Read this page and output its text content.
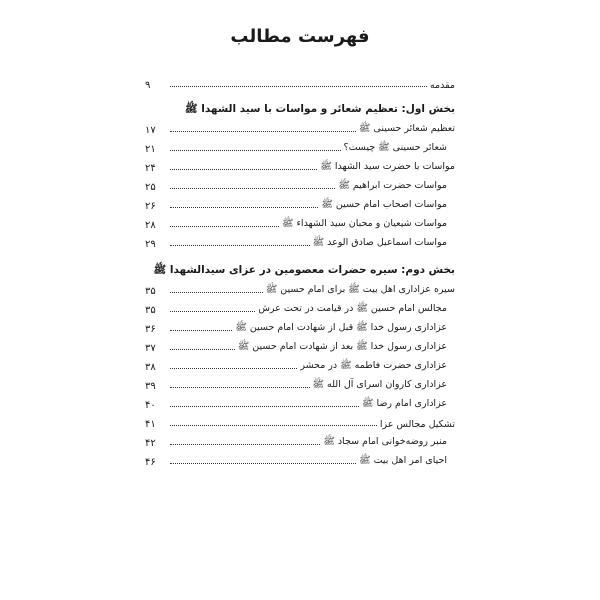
فهرست مطالب
مقدمه
۹
بخش اول: تعظیم شعائر و مواسات با سید الشهدا ﷺ
تعظیم شعائر حسینی ﷺ
۱۷
شعائر حسینی ﷺ چیست؟
۲۱
مواسات با حضرت سید الشهدا ﷺ
۲۴
مواسات حضرت ابراهیم ﷺ
۲۵
مواسات اصحاب امام حسین ﷺ
۲۶
مواسات شیعیان و محبان سید الشهداء ﷺ
۲۸
مواسات اسماعیل صادق الوعد ﷺ
۲۹
بخش دوم: سیره حضرات معصومین در عزای سیدالشهدا ﷺ
سیره عزاداری اهل بیت ﷺ برای امام حسین ﷺ
۳۵
مجالس امام حسین ﷺ در قیامت در تحت عرش
۳۵
عزاداری رسول خدا ﷺ قبل از شهادت امام حسین ﷺ
۳۶
عزاداری رسول خدا ﷺ بعد از شهادت امام حسین ﷺ
۳۷
عزاداری حضرت فاطمه ﷺ در محشر
۳۸
عزاداری کاروان اسرای آل الله ﷺ
۳۹
عزاداری امام رضا ﷺ
۴۰
تشکیل مجالس عزا
۴۱
منبر روضه‌خوانی امام سجاد ﷺ
۴۲
احیای امر اهل بیت ﷺ
۴۶
